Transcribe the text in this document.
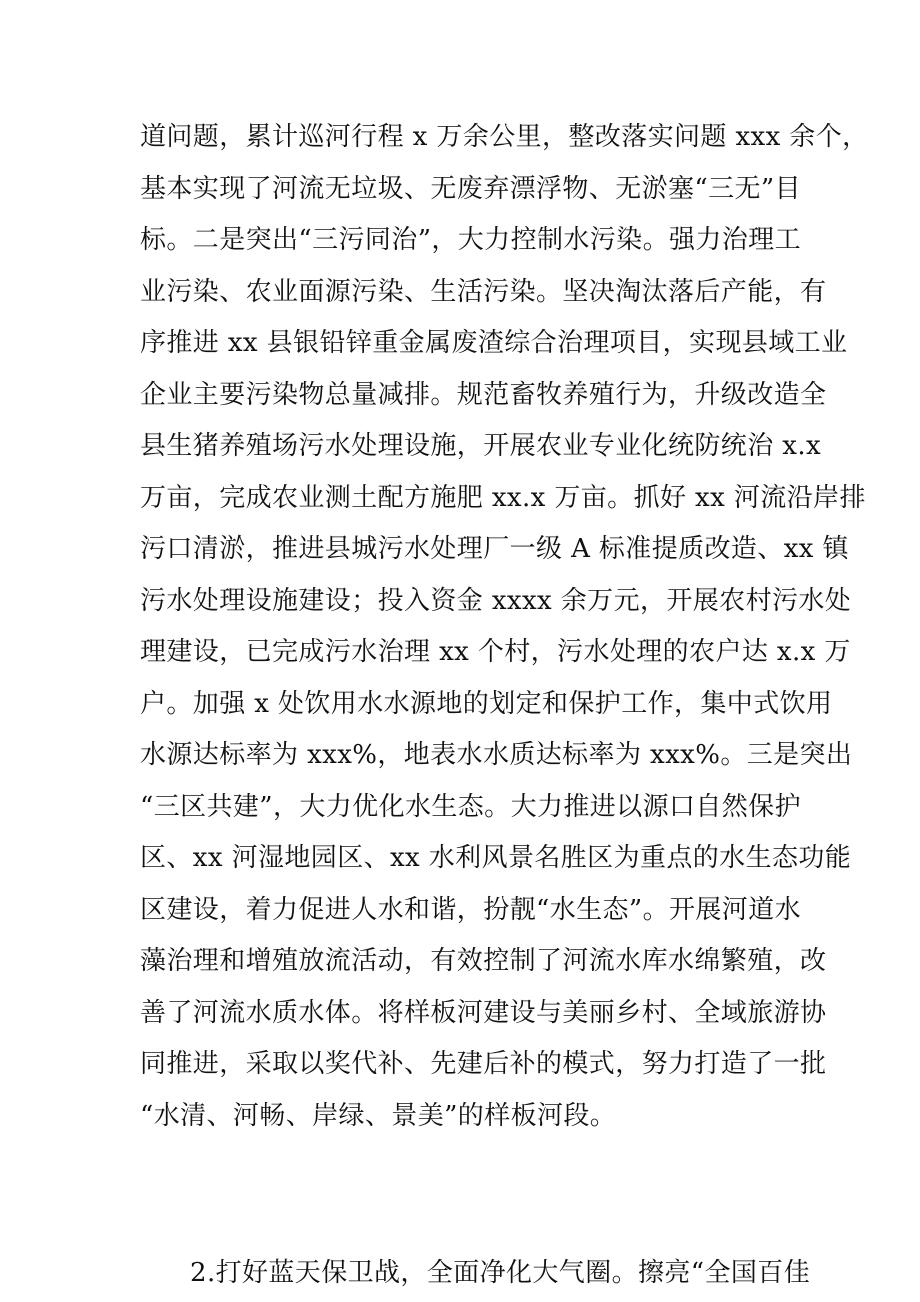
道问题，累计巡河行程 x 万余公里，整改落实问题 xxx 余个，
基本实现了河流无垃圾、无废弃漂浮物、无淤塞“三无”目
标。二是突出“三污同治”，大力控制水污染。强力治理工
业污染、农业面源污染、生活污染。坚决淘汰落后产能，有
序推进 xx 县银铅锌重金属废渣综合治理项目，实现县域工业
企业主要污染物总量减排。规范畜牧养殖行为，升级改造全
县生猪养殖场污水处理设施，开展农业专业化统防统治 x.x
万亩，完成农业测土配方施肥 xx.x 万亩。抓好 xx 河流沿岸排
污口清淤，推进县城污水处理厂一级 A 标准提质改造、xx 镇
污水处理设施建设；投入资金 xxxx 余万元，开展农村污水处
理建设，已完成污水治理 xx 个村，污水处理的农户达 x.x 万
户。加强 x 处饮用水水源地的划定和保护工作，集中式饮用
水源达标率为 xxx%，地表水水质达标率为 xxx%。三是突出
“三区共建”，大力优化水生态。大力推进以源口自然保护
区、xx 河湿地园区、xx 水利风景名胜区为重点的水生态功能
区建设，着力促进人水和谐，扮靓“水生态”。开展河道水
藻治理和增殖放流活动，有效控制了河流水库水绵繁殖，改
善了河流水质水体。将样板河建设与美丽乡村、全域旅游协
同推进，采取以奖代补、先建后补的模式，努力打造了一批
“水清、河畅、岸绿、景美”的样板河段。
2.打好蓝天保卫战，全面净化大气圈。擦亮“全国百佳
